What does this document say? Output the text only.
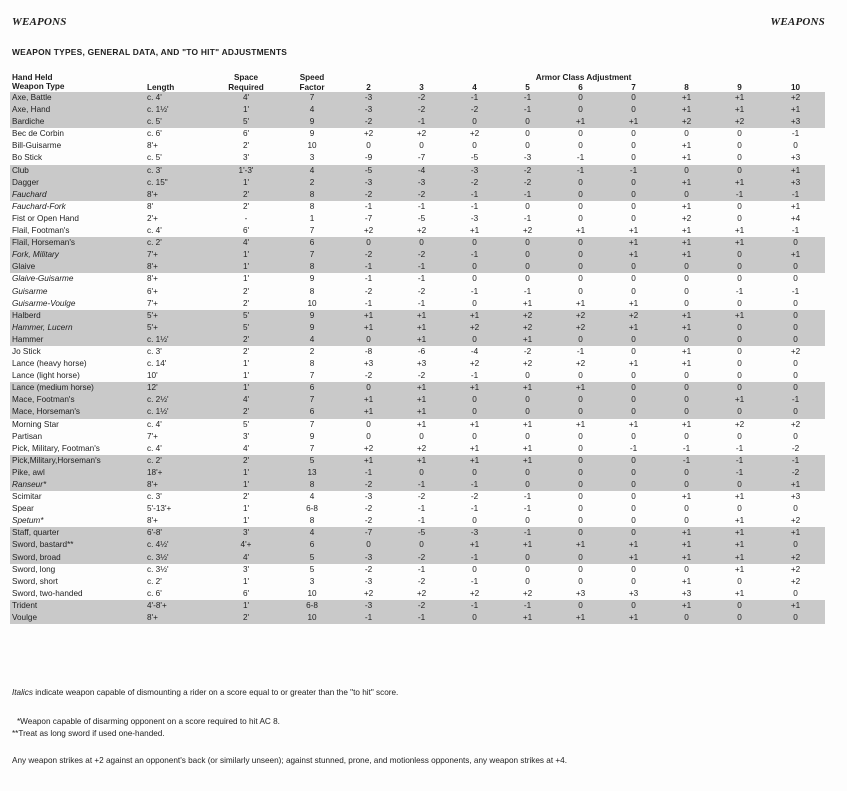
WEAPONS	WEAPONS
WEAPON TYPES, GENERAL DATA, AND "TO HIT" ADJUSTMENTS
Hand Held		Space	Speed	Armor Class Adjustment								
Weapon Type	Length	Required	Factor	2	3	4	5	6	7	8	9	10
Axe, Battle	c. 4'	4'	7	-3	-2	-1	-1	0	0	+1	+1	+2
Axe, Hand	c. 1½'	1'	4	-3	-2	-2	-1	0	0	+1	+1	+1
Bardiche	c. 5'	5'	9	-2	-1	0	0	+1	+1	+2	+2	+3
Bec de Corbin	c. 6'	6'	9	+2	+2	+2	0	0	0	0	0	-1
Bill-Guisarme	8'+	2'	10	0	0	0	0	0	0	+1	0	0
Bo Stick	c. 5'	3'	3	-9	-7	-5	-3	-1	0	+1	0	+3
Club	c. 3'	1'-3'	4	-5	-4	-3	-2	-1	-1	0	0	+1
Dagger	c. 15"	1'	2	-3	-3	-2	-2	0	0	+1	+1	+3
Fauchard	8'+	2'	8	-2	-2	-1	-1	0	0	0	-1	-1
Fauchard-Fork	8'	2'	8	-1	-1	-1	0	0	0	+1	0	+1
Fist or Open Hand	2'+	-	1	-7	-5	-3	-1	0	0	+2	0	+4
Flail, Footman's	c. 4'	6'	7	+2	+2	+1	+2	+1	+1	+1	+1	-1
Flail, Horseman's	c. 2'	4'	6	0	0	0	0	0	+1	+1	+1	0
Fork, Military	7'+	1'	7	-2	-2	-1	0	0	+1	+1	0	+1
Glaive	8'+	1'	8	-1	-1	0	0	0	0	0	0	0
Glaive-Guisarme	8'+	1'	9	-1	-1	0	0	0	0	0	0	0
Guisarme	6'+	2'	8	-2	-2	-1	-1	0	0	0	-1	-1
Guisarme-Voulge	7'+	2'	10	-1	-1	0	+1	+1	+1	0	0	0
Halberd	5'+	5'	9	+1	+1	+1	+2	+2	+2	+1	+1	0
Hammer, Lucern	5'+	5'	9	+1	+1	+2	+2	+2	+1	+1	0	0
Hammer	c. 1½'	2'	4	0	+1	0	+1	0	0	0	0	0
Jo Stick	c. 3'	2'	2	-8	-6	-4	-2	-1	0	+1	0	+2
Lance (heavy horse)	c. 14'	1'	8	+3	+3	+2	+2	+2	+1	+1	0	0
Lance (light horse)	10'	1'	7	-2	-2	-1	0	0	0	0	0	0
Lance (medium horse)	12'	1'	6	0	+1	+1	+1	+1	0	0	0	0
Mace, Footman's	c. 2½'	4'	7	+1	+1	0	0	0	0	0	+1	-1
Mace, Horseman's	c. 1½'	2'	6	+1	+1	0	0	0	0	0	0	0
Morning Star	c. 4'	5'	7	0	+1	+1	+1	+1	+1	+1	+2	+2
Partisan	7'+	3'	9	0	0	0	0	0	0	0	0	0
Pick, Military, Footman's	c. 4'	4'	7	+2	+2	+1	+1	0	-1	-1	-1	-2
Pick,Military,Horseman's	c. 2'	2'	5	+1	+1	+1	+1	0	0	-1	-1	-1
Pike, awl	18'+	1'	13	-1	0	0	0	0	0	0	-1	-2
Ranseur*	8'+	1'	8	-2	-1	-1	0	0	0	0	0	+1
Scimitar	c. 3'	2'	4	-3	-2	-2	-1	0	0	+1	+1	+3
Spear	5'-13'+	1'	6-8	-2	-1	-1	-1	0	0	0	0	0
Spetum*	8'+	1'	8	-2	-1	0	0	0	0	0	+1	+2
Staff, quarter	6'-8'	3'	4	-7	-5	-3	-1	0	0	+1	+1	+1
Sword, bastard**	c. 4½'	4'+	6	0	0	+1	+1	+1	+1	+1	+1	0
Sword, broad	c. 3½'	4'	5	-3	-2	-1	0	0	+1	+1	+1	+2
Sword, long	c. 3½'	3'	5	-2	-1	0	0	0	0	0	+1	+2
Sword, short	c. 2'	1'	3	-3	-2	-1	0	0	0	+1	0	+2
Sword, two-handed	c. 6'	6'	10	+2	+2	+2	+2	+3	+3	+3	+1	0
Trident	4'-8'+	1'	6-8	-3	-2	-1	-1	0	0	+1	0	+1
Voulge	8'+	2'	10	-1	-1	0	+1	+1	+1	0	0	0
Italics indicate weapon capable of dismounting a rider on a score equal to or greater than the "to hit" score.
*Weapon capable of disarming opponent on a score required to hit AC 8.
**Treat as long sword if used one-handed.
Any weapon strikes at +2 against an opponent's back (or similarly unseen); against stunned, prone, and motionless opponents, any weapon strikes at +4.
